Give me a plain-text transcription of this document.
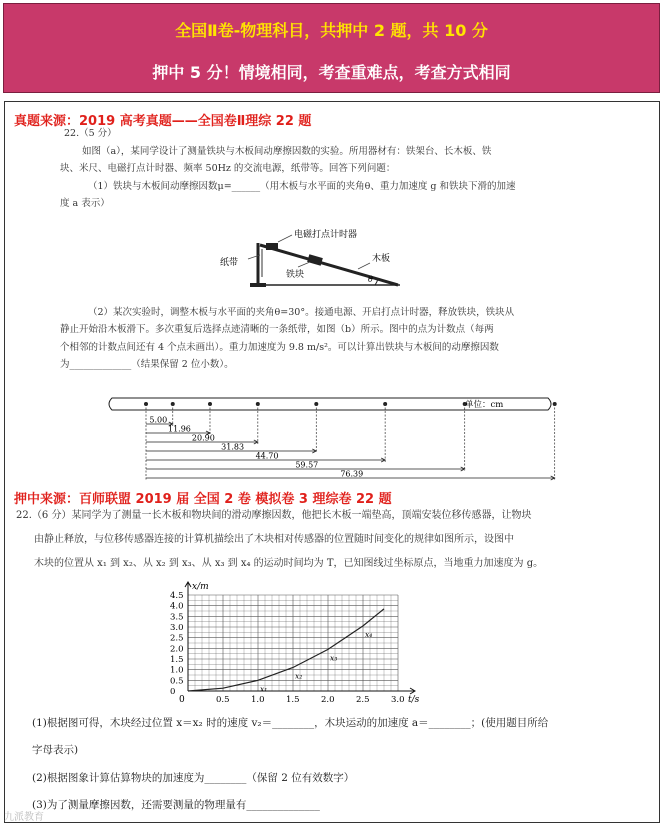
全国Ⅱ卷-物理科目，共押中 2 题，共 10 分
押中 5 分！情境相同，考查重难点，考查方式相同
真题来源：2019 高考真题——全国卷Ⅱ理综 22 题
22.（5 分）
如图（a），某同学设计了测量铁块与木板间动摩擦因数的实验。所用器材有：铁架台、长木板、铁
块、米尺、电磁打点计时器、频率 50Hz 的交流电源，纸带等。回答下列问题：
（1）铁块与木板间动摩擦因数μ=______（用木板与水平面的夹角θ、重力加速度 g 和铁块下滑的加速
度 a 表示）
电磁打点计时器
纸带
铁块
木板
θ
（2）某次实验时，调整木板与水平面的夹角θ=30°。接通电源、开启打点计时器，释放铁块，铁块从
静止开始沿木板滑下。多次重复后选择点迹清晰的一条纸带，如图（b）所示。图中的点为计数点（每两
个相邻的计数点间还有 4 个点未画出）。重力加速度为 9.8 m/s²。可以计算出铁块与木板间的动摩擦因数
为_____________（结果保留 2 位小数）。
单位：cm
5.00
11.96
20.90
31.83
44.70
59.57
76.39
押中来源：百师联盟 2019 届 全国 2 卷 模拟卷 3 理综卷 22 题
22.（6 分）某同学为了测量一长木板和物块间的滑动摩擦因数，他把长木板一端垫高，顶端安装位移传感器，让物块
由静止释放，与位移传感器连接的计算机描绘出了木块相对传感器的位置随时间变化的规律如图所示，设图中
木块的位置从 x₁ 到 x₂、从 x₂ 到 x₃、从 x₃ 到 x₄ 的运动时间均为 T，已知图线过坐标原点，当地重力加速度为 g。
0.5	1.0	1.5	2.0	2.5	3.0
0
0.5
1.0
1.5
2.0
2.5
3.0
3.5
4.0
4.5
x₁
x₂
x₃
x₄
x/m
t/s
0
(1)根据图可得，木块经过位置 x＝x₂ 时的速度 v₂＝________，木块运动的加速度 a＝________；(使用题目所给
字母表示)
(2)根据图象计算估算物块的加速度为________（保留 2 位有效数字）
(3)为了测量摩擦因数，还需要测量的物理量有______________
九派教育
